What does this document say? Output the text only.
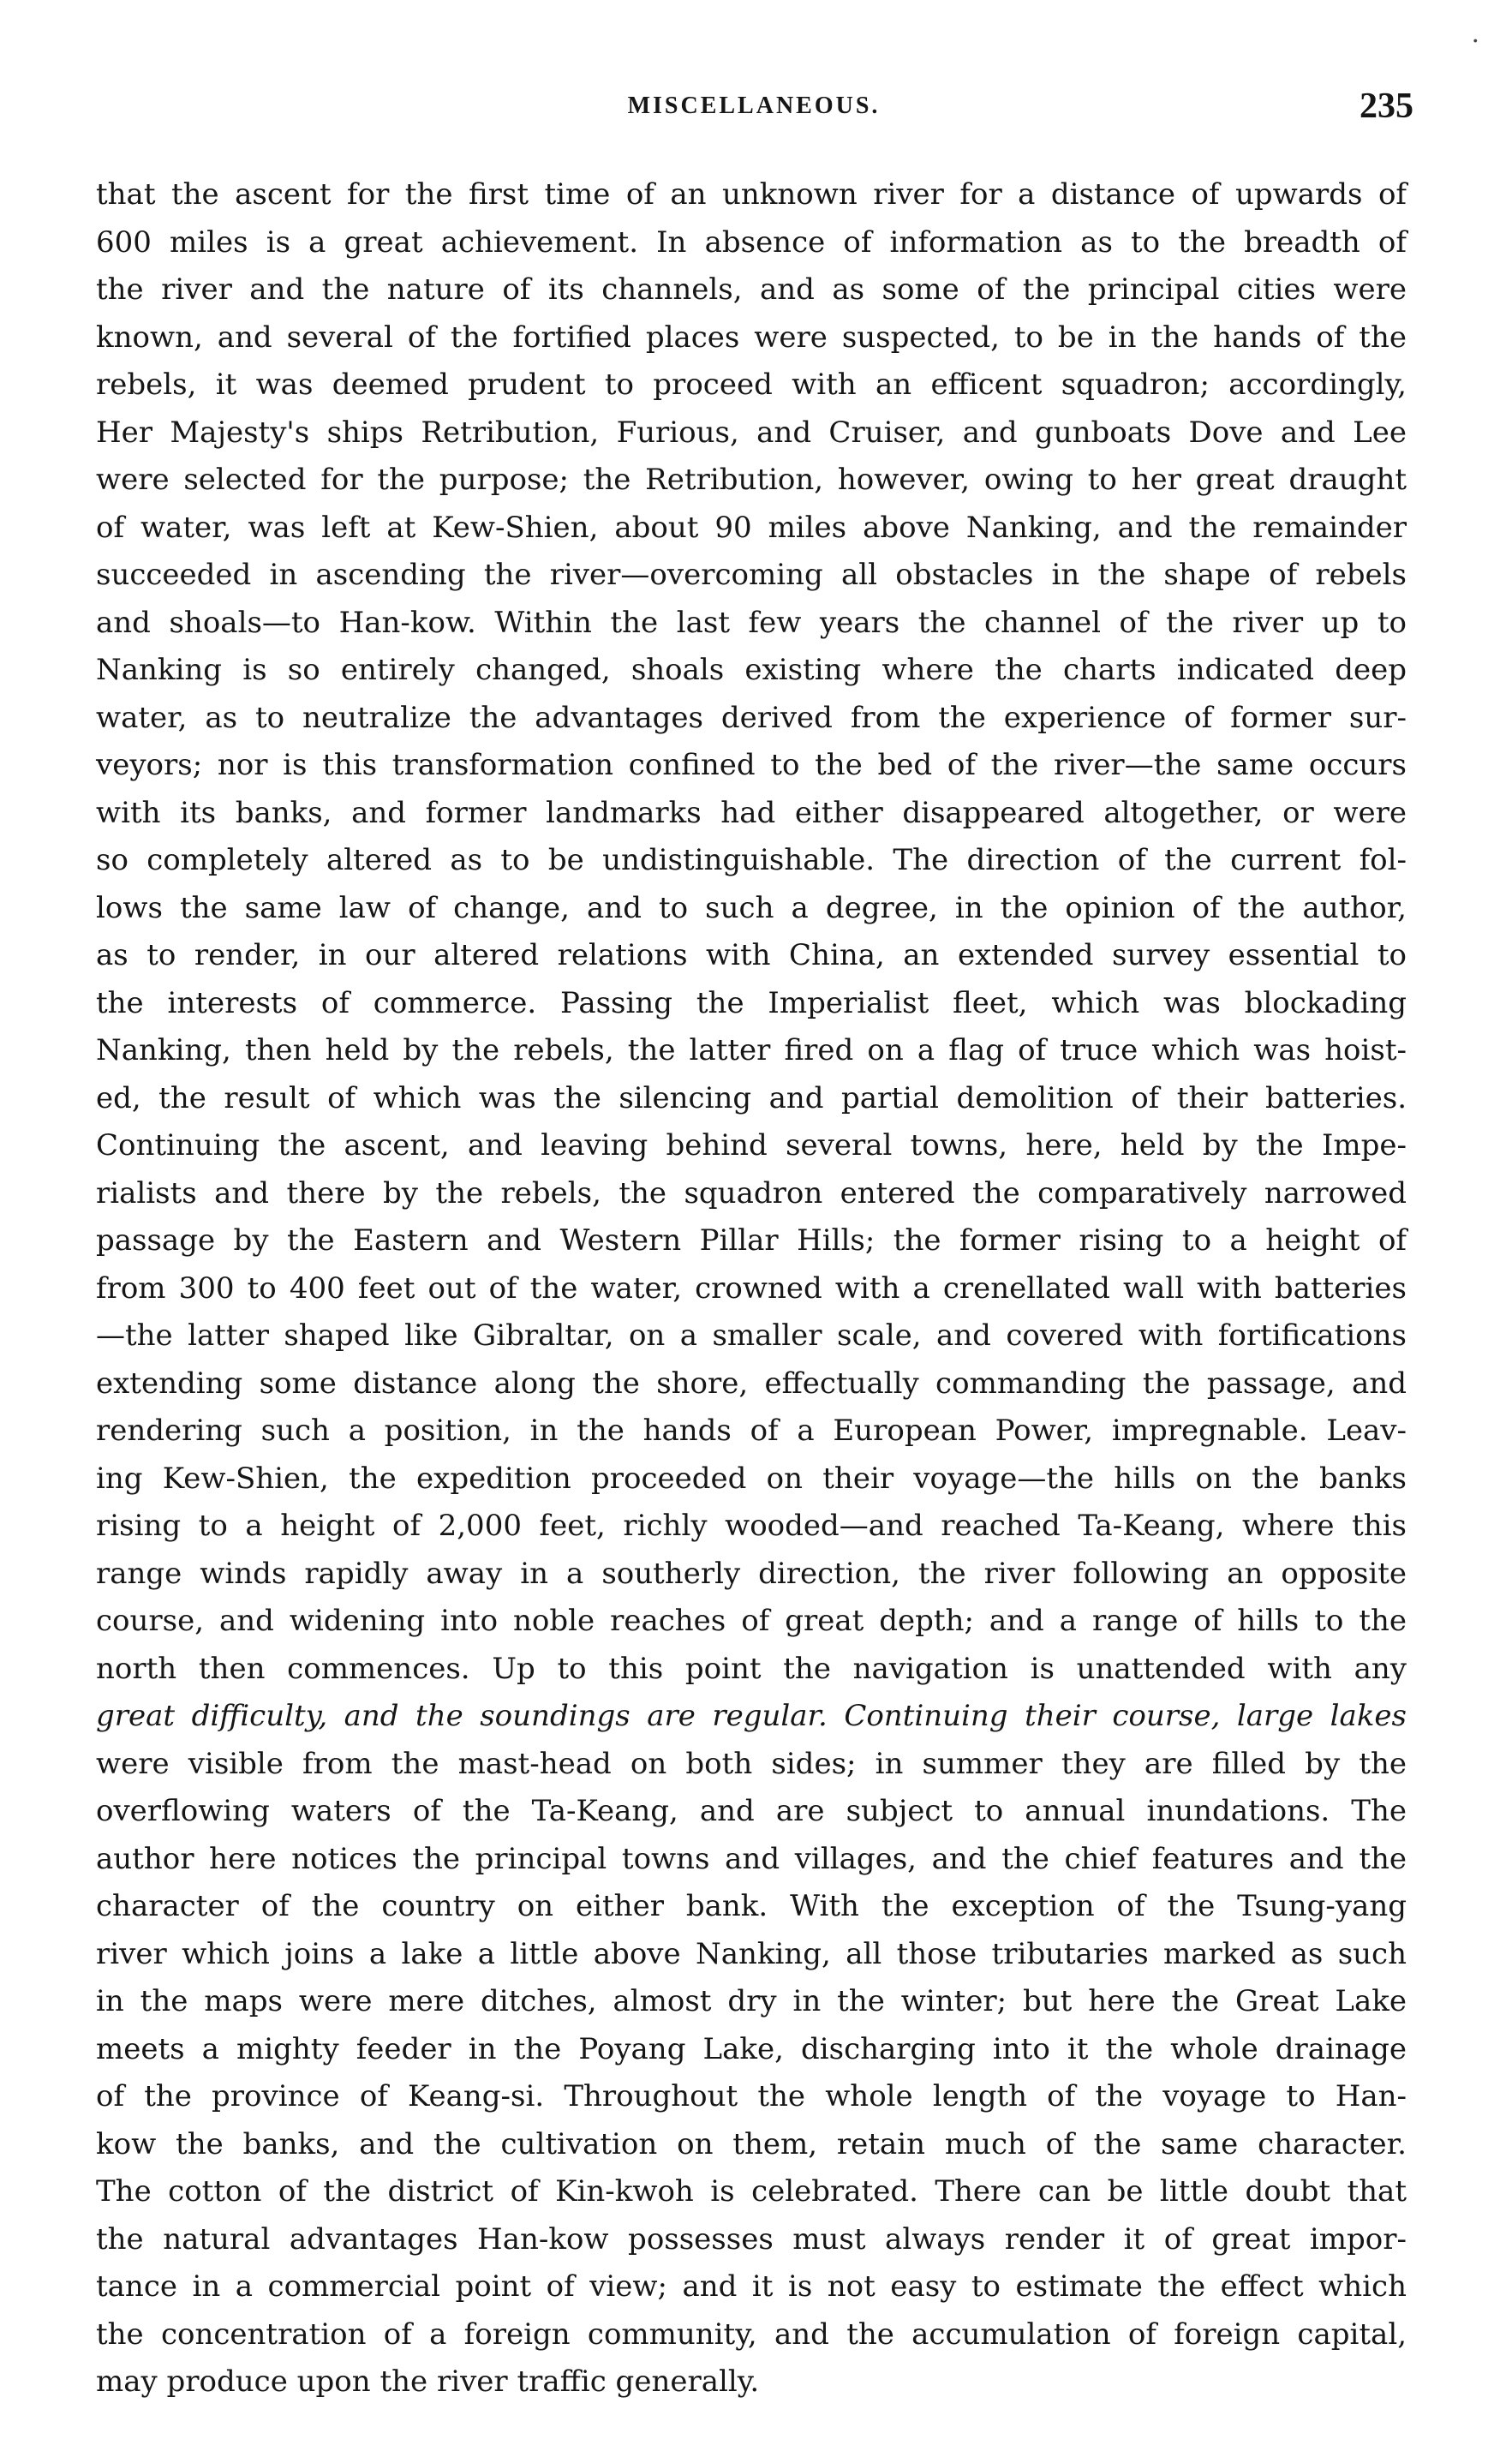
.
MISCELLANEOUS.	235
that the ascent for the first time of an unknown river for a distance of upwards of
600 miles is a great achievement. In absence of information as to the breadth of
the river and the nature of its channels, and as some of the principal cities were
known, and several of the fortified places were suspected, to be in the hands of the
rebels, it was deemed prudent to proceed with an efficent squadron; accordingly,
Her Majesty's ships Retribution, Furious, and Cruiser, and gunboats Dove and Lee
were selected for the purpose; the Retribution, however, owing to her great draught
of water, was left at Kew-Shien, about 90 miles above Nanking, and the remainder
succeeded in ascending the river—overcoming all obstacles in the shape of rebels
and shoals—to Han-kow. Within the last few years the channel of the river up to
Nanking is so entirely changed, shoals existing where the charts indicated deep
water, as to neutralize the advantages derived from the experience of former sur-
veyors; nor is this transformation confined to the bed of the river—the same occurs
with its banks, and former landmarks had either disappeared altogether, or were
so completely altered as to be undistinguishable. The direction of the current fol-
lows the same law of change, and to such a degree, in the opinion of the author,
as to render, in our altered relations with China, an extended survey essential to
the interests of commerce. Passing the Imperialist fleet, which was blockading
Nanking, then held by the rebels, the latter fired on a flag of truce which was hoist-
ed, the result of which was the silencing and partial demolition of their batteries.
Continuing the ascent, and leaving behind several towns, here, held by the Impe-
rialists and there by the rebels, the squadron entered the comparatively narrowed
passage by the Eastern and Western Pillar Hills; the former rising to a height of
from 300 to 400 feet out of the water, crowned with a crenellated wall with batteries
—the latter shaped like Gibraltar, on a smaller scale, and covered with fortifications
extending some distance along the shore, effectually commanding the passage, and
rendering such a position, in the hands of a European Power, impregnable. Leav-
ing Kew-Shien, the expedition proceeded on their voyage—the hills on the banks
rising to a height of 2,000 feet, richly wooded—and reached Ta-Keang, where this
range winds rapidly away in a southerly direction, the river following an opposite
course, and widening into noble reaches of great depth; and a range of hills to the
north then commences. Up to this point the navigation is unattended with any
great difficulty, and the soundings are regular. Continuing their course, large lakes
were visible from the mast-head on both sides; in summer they are filled by the
overflowing waters of the Ta-Keang, and are subject to annual inundations. The
author here notices the principal towns and villages, and the chief features and the
character of the country on either bank. With the exception of the Tsung-yang
river which joins a lake a little above Nanking, all those tributaries marked as such
in the maps were mere ditches, almost dry in the winter; but here the Great Lake
meets a mighty feeder in the Poyang Lake, discharging into it the whole drainage
of the province of Keang-si. Throughout the whole length of the voyage to Han-
kow the banks, and the cultivation on them, retain much of the same character.
The cotton of the district of Kin-kwoh is celebrated. There can be little doubt that
the natural advantages Han-kow possesses must always render it of great impor-
tance in a commercial point of view; and it is not easy to estimate the effect which
the concentration of a foreign community, and the accumulation of foreign capital,
may produce upon the river traffic generally.
